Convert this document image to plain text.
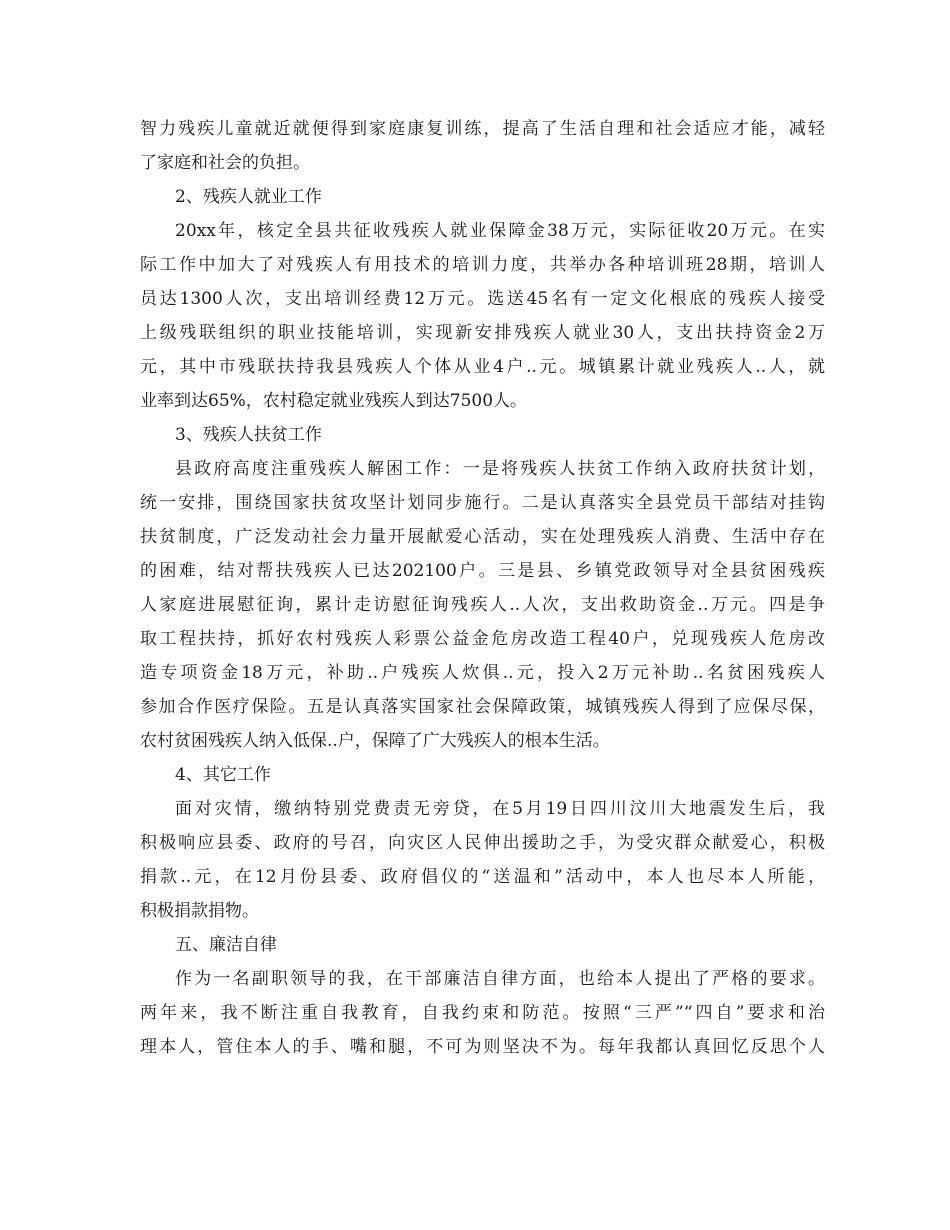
智力残疾儿童就近就便得到家庭康复训练，提高了生活自理和社会适应才能，减轻
了家庭和社会的负担。
2、残疾人就业工作
20xx年，核定全县共征收残疾人就业保障金38万元，实际征收20万元。在实
际工作中加大了对残疾人有用技术的培训力度，共举办各种培训班28期，培训人
员达1300人次，支出培训经费12万元。选送45名有一定文化根底的残疾人接受
上级残联组织的职业技能培训，实现新安排残疾人就业30人，支出扶持资金2万
元，其中市残联扶持我县残疾人个体从业4户..元。城镇累计就业残疾人..人，就
业率到达65%，农村稳定就业残疾人到达7500人。
3、残疾人扶贫工作
县政府高度注重残疾人解困工作：一是将残疾人扶贫工作纳入政府扶贫计划，
统一安排，围绕国家扶贫攻坚计划同步施行。二是认真落实全县党员干部结对挂钩
扶贫制度，广泛发动社会力量开展献爱心活动，实在处理残疾人消费、生活中存在
的困难，结对帮扶残疾人已达202100户。三是县、乡镇党政领导对全县贫困残疾
人家庭进展慰征询，累计走访慰征询残疾人..人次，支出救助资金..万元。四是争
取工程扶持，抓好农村残疾人彩票公益金危房改造工程40户，兑现残疾人危房改
造专项资金18万元，补助..户残疾人炊俱..元，投入2万元补助..名贫困残疾人
参加合作医疗保险。五是认真落实国家社会保障政策，城镇残疾人得到了应保尽保，
农村贫困残疾人纳入低保..户，保障了广大残疾人的根本生活。
4、其它工作
面对灾情，缴纳特别党费责无旁贷，在5月19日四川汶川大地震发生后，我
积极响应县委、政府的号召，向灾区人民伸出援助之手，为受灾群众献爱心，积极
捐款..元，在12月份县委、政府倡仪的“送温和”活动中，本人也尽本人所能，
积极捐款捐物。
五、廉洁自律
作为一名副职领导的我，在干部廉洁自律方面，也给本人提出了严格的要求。
两年来，我不断注重自我教育，自我约束和防范。按照“三严”“四自”要求和治
理本人，管住本人的手、嘴和腿，不可为则坚决不为。每年我都认真回忆反思个人
